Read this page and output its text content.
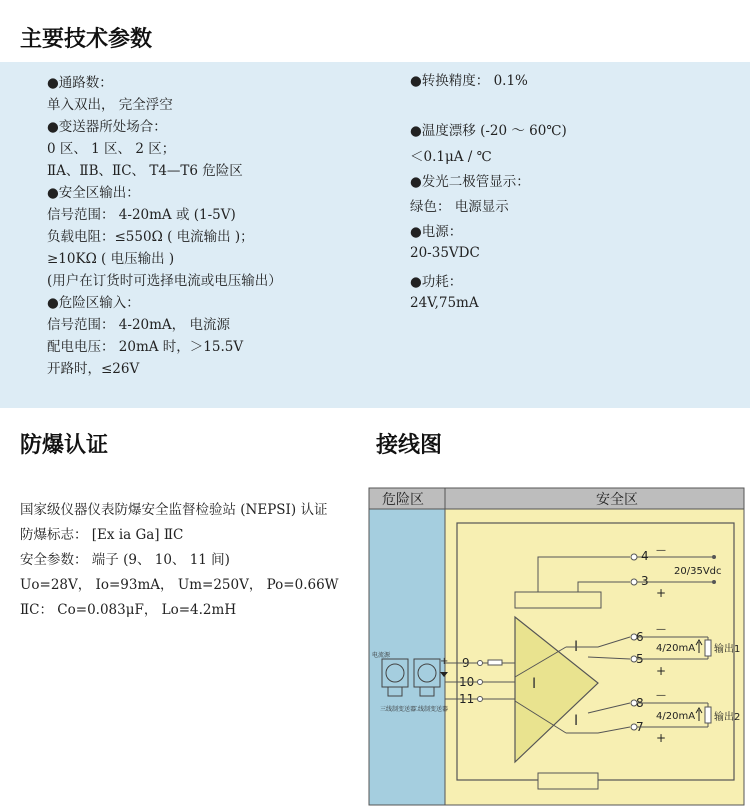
主要技术参数
●通路数：
单入双出， 完全浮空
●变送器所处场合：
0 区、 1 区、 2 区；
ⅡA、ⅡB、ⅡC、 T4—T6 危险区
●安全区输出：
信号范围： 4-20mA 或 (1-5V)
负载电阻：≤550Ω ( 电流输出 )；
≥10KΩ ( 电压输出 )
(用户在订货时可选择电流或电压输出）
●危险区输入：
信号范围： 4-20mA， 电流源
配电电压： 20mA 时，＞15.5V
开路时，≤26V
●转换精度： 0.1%
●温度漂移 (-20 ～ 60℃)
＜0.1μA / ℃
●发光二极管显示：
绿色： 电源显示
●电源：
20-35VDC
●功耗：
24V,75mA
防爆认证	接线图
国家级仪器仪表防爆安全监督检验站 (NEPSI) 认证
防爆标志： [Ex ia Ga] ⅡC
安全参数： 端子 (9、 10、 11 间)
Uo=28V， Io=93mA， Um=250V， Po=0.66W
ⅡC： Co=0.083μF， Lo=4.2mH
危险区	安全区
三线制变送器
二线制变送器
电流源
+
I
I
I
4
3
—
+
20/35Vdc
6
5
—
+
4/20mA 输出1
8
7
—
+
4/20mA 输出2
9
10
11
